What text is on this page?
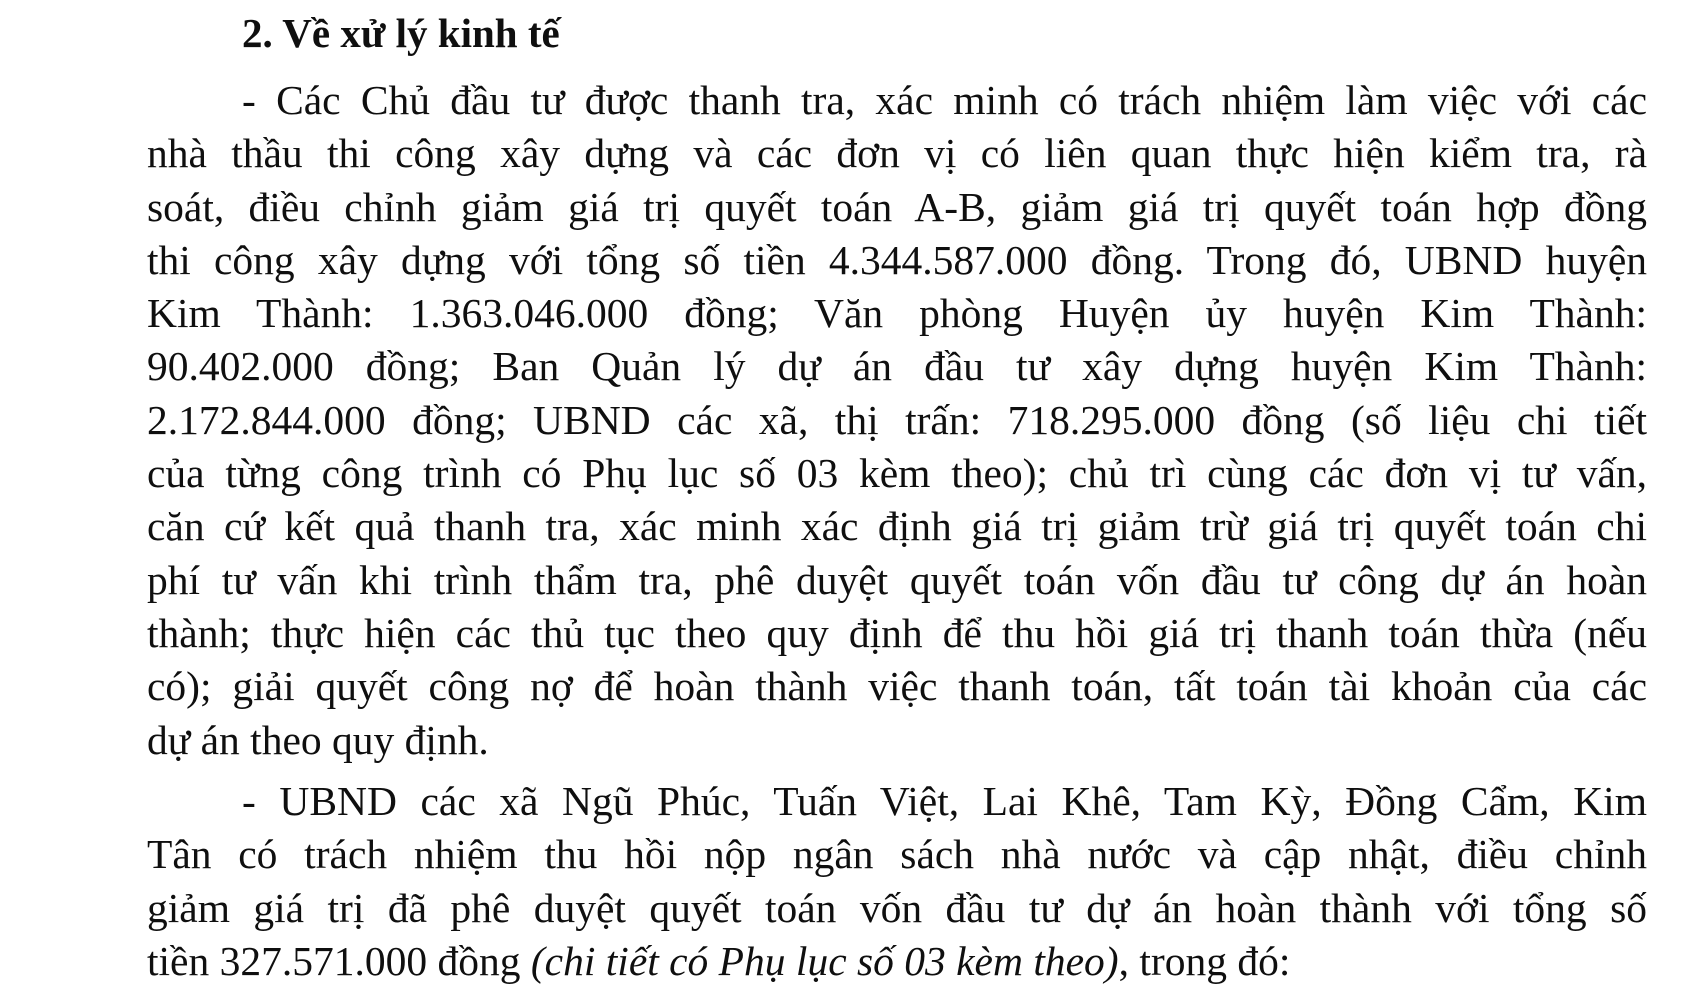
2. Về xử lý kinh tế
- Các Chủ đầu tư được thanh tra, xác minh có trách nhiệm làm việc với các
nhà thầu thi công xây dựng và các đơn vị có liên quan thực hiện kiểm tra, rà
soát, điều chỉnh giảm giá trị quyết toán A-B, giảm giá trị quyết toán hợp đồng
thi công xây dựng với tổng số tiền 4.344.587.000 đồng. Trong đó, UBND huyện
Kim Thành: 1.363.046.000 đồng; Văn phòng Huyện ủy huyện Kim Thành:
90.402.000 đồng; Ban Quản lý dự án đầu tư xây dựng huyện Kim Thành:
2.172.844.000 đồng; UBND các xã, thị trấn: 718.295.000 đồng (số liệu chi tiết
của từng công trình có Phụ lục số 03 kèm theo); chủ trì cùng các đơn vị tư vấn,
căn cứ kết quả thanh tra, xác minh xác định giá trị giảm trừ giá trị quyết toán chi
phí tư vấn khi trình thẩm tra, phê duyệt quyết toán vốn đầu tư công dự án hoàn
thành; thực hiện các thủ tục theo quy định để thu hồi giá trị thanh toán thừa (nếu
có); giải quyết công nợ để hoàn thành việc thanh toán, tất toán tài khoản của các
dự án theo quy định.
- UBND các xã Ngũ Phúc, Tuấn Việt, Lai Khê, Tam Kỳ, Đồng Cẩm, Kim
Tân có trách nhiệm thu hồi nộp ngân sách nhà nước và cập nhật, điều chỉnh
giảm giá trị đã phê duyệt quyết toán vốn đầu tư dự án hoàn thành với tổng số
tiền 327.571.000 đồng (chi tiết có Phụ lục số 03 kèm theo), trong đó:
